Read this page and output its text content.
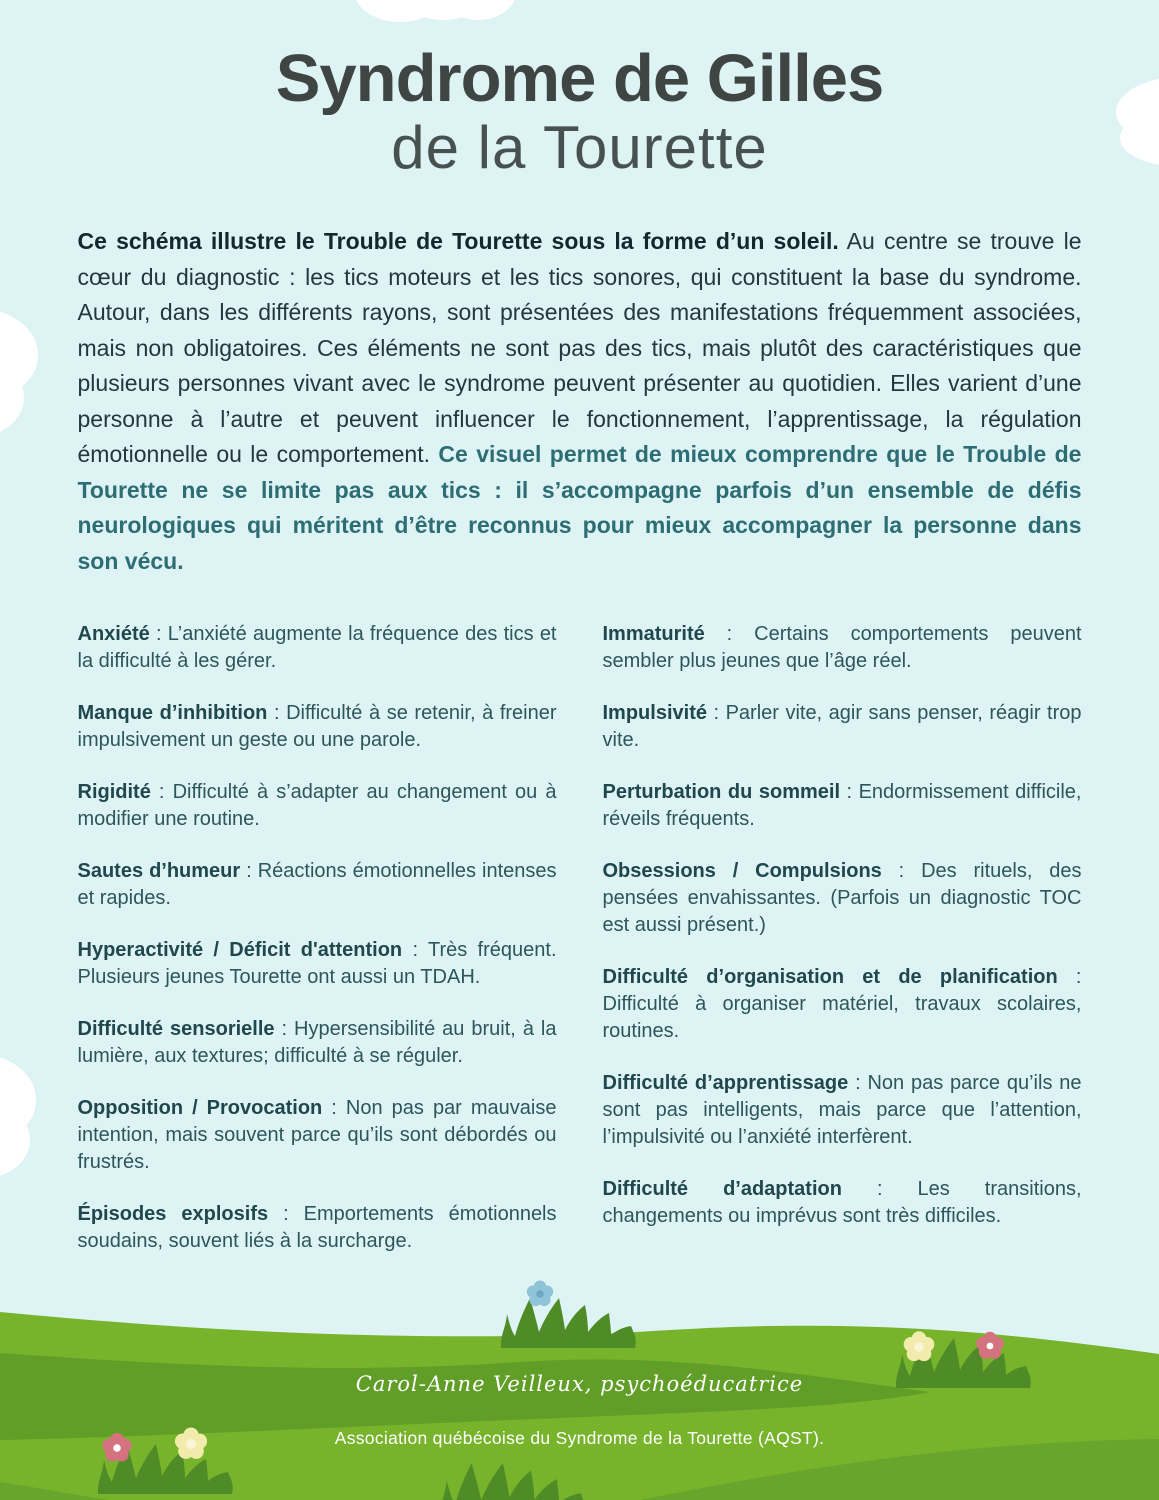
Syndrome de Gilles
de la Tourette

Ce schéma illustre le Trouble de Tourette sous la forme d’un soleil. Au centre se trouve le cœur du diagnostic : les tics moteurs et les tics sonores, qui constituent la base du syndrome. Autour, dans les différents rayons, sont présentées des manifestations fréquemment associées, mais non obligatoires. Ces éléments ne sont pas des tics, mais plutôt des caractéristiques que plusieurs personnes vivant avec le syndrome peuvent présenter au quotidien. Elles varient d’une personne à l’autre et peuvent influencer le fonctionnement, l’apprentissage, la régulation émotionnelle ou le comportement. Ce visuel permet de mieux comprendre que le Trouble de Tourette ne se limite pas aux tics : il s’accompagne parfois d’un ensemble de défis neurologiques qui méritent d’être reconnus pour mieux accompagner la personne dans son vécu.

Anxiété : L’anxiété augmente la fréquence des tics et la difficulté à les gérer.

Manque d’inhibition : Difficulté à se retenir, à freiner impulsivement un geste ou une parole.

Rigidité : Difficulté à s’adapter au changement ou à modifier une routine.

Sautes d’humeur : Réactions émotionnelles intenses et rapides.

Hyperactivité / Déficit d'attention : Très fréquent. Plusieurs jeunes Tourette ont aussi un TDAH.

Difficulté sensorielle : Hypersensibilité au bruit, à la lumière, aux textures; difficulté à se réguler.

Opposition / Provocation : Non pas par mauvaise intention, mais souvent parce qu’ils sont débordés ou frustrés.

Épisodes explosifs : Emportements émotionnels soudains, souvent liés à la surcharge.

Immaturité : Certains comportements peuvent sembler plus jeunes que l’âge réel.

Impulsivité : Parler vite, agir sans penser, réagir trop vite.

Perturbation du sommeil : Endormissement difficile, réveils fréquents.

Obsessions / Compulsions : Des rituels, des pensées envahissantes. (Parfois un diagnostic TOC est aussi présent.)

Difficulté d’organisation et de planification : Difficulté à organiser matériel, travaux scolaires, routines.

Difficulté d’apprentissage : Non pas parce qu’ils ne sont pas intelligents, mais parce que l’attention, l’impulsivité ou l’anxiété interfèrent.

Difficulté d’adaptation : Les transitions, changements ou imprévus sont très difficiles.

Carol-Anne Veilleux, psychoéducatrice
Association québécoise du Syndrome de la Tourette (AQST).
